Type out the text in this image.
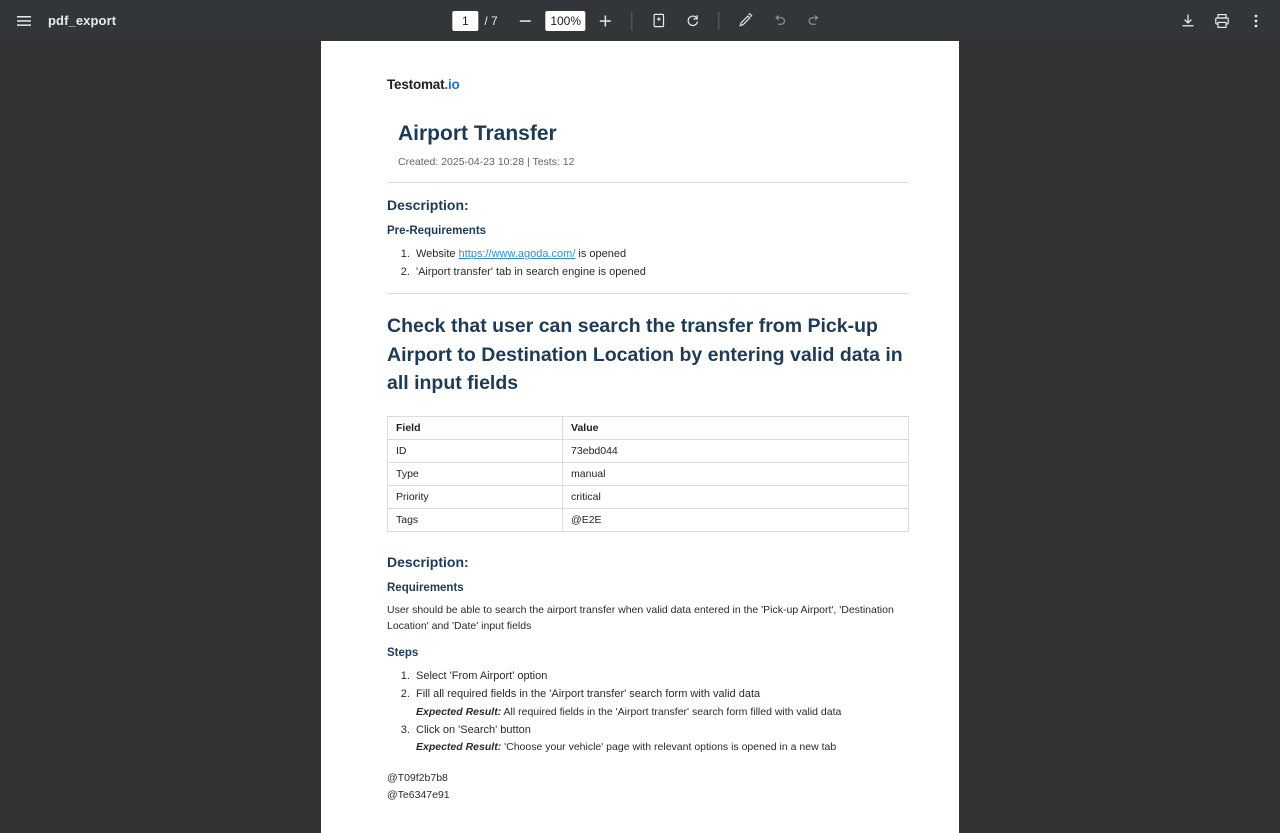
pdf_export
1	/ 7	100%
Testomat.io
Airport Transfer
Created: 2025-04-23 10:28 | Tests: 12
Description:
Pre-Requirements
1. Website https://www.agoda.com/ is opened
2. 'Airport transfer' tab in search engine is opened
Check that user can search the transfer from Pick-up Airport to Destination Location by entering valid data in all input fields
Field	Value
ID	73ebd044
Type	manual
Priority	critical
Tags	@E2E
Description:
Requirements

User should be able to search the airport transfer when valid data entered in the 'Pick-up Airport', 'Destination Location' and 'Date' input fields

Steps
1. Select 'From Airport' option
2. Fill all required fields in the 'Airport transfer' search form with valid data
Expected Result: All required fields in the 'Airport transfer' search form filled with valid data
3. Click on 'Search' button
Expected Result: 'Choose your vehicle' page with relevant options is opened in a new tab
@T09f2b7b8
@Te6347e91
